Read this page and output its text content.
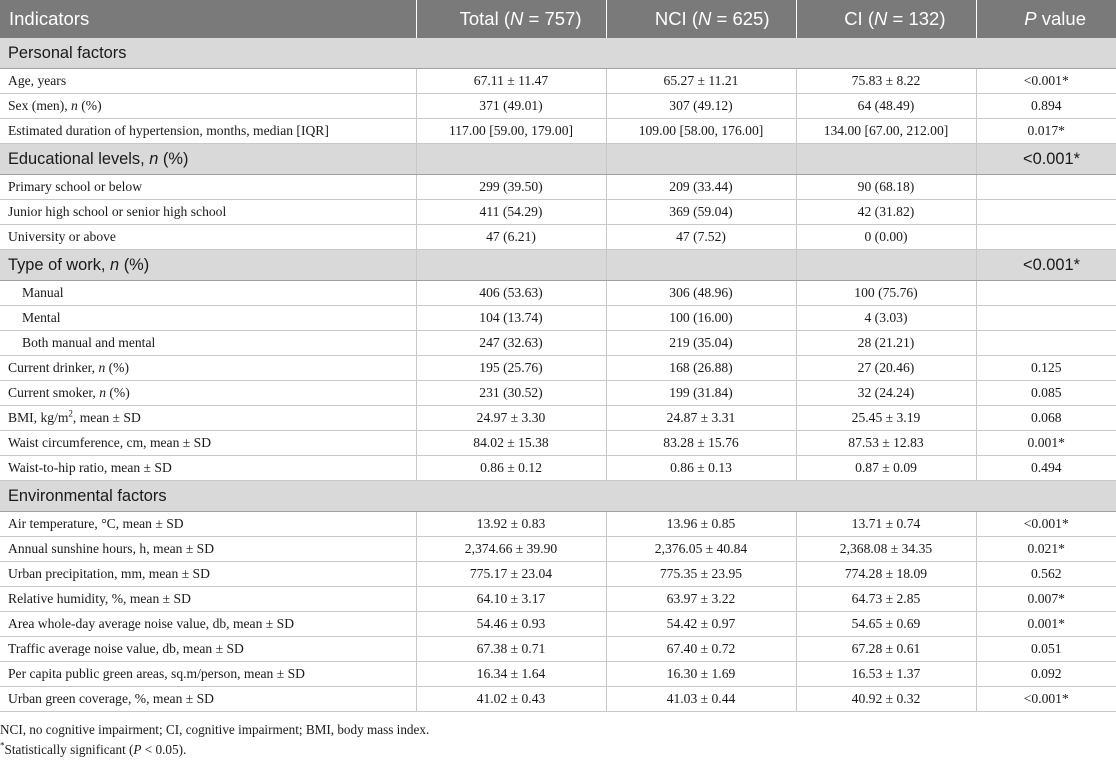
Indicators	Total (N = 757)	NCI (N = 625)	CI (N = 132)	P value
Personal factors				
Age, years	67.11 ± 11.47	65.27 ± 11.21	75.83 ± 8.22	<0.001*
Sex (men), n (%)	371 (49.01)	307 (49.12)	64 (48.49)	0.894
Estimated duration of hypertension, months, median [IQR]	117.00 [59.00, 179.00]	109.00 [58.00, 176.00]	134.00 [67.00, 212.00]	0.017*
Educational levels, n (%)				<0.001*
Primary school or below	299 (39.50)	209 (33.44)	90 (68.18)	
Junior high school or senior high school	411 (54.29)	369 (59.04)	42 (31.82)	
University or above	47 (6.21)	47 (7.52)	0 (0.00)	
Type of work, n (%)				<0.001*
Manual	406 (53.63)	306 (48.96)	100 (75.76)	
Mental	104 (13.74)	100 (16.00)	4 (3.03)	
Both manual and mental	247 (32.63)	219 (35.04)	28 (21.21)	
Current drinker, n (%)	195 (25.76)	168 (26.88)	27 (20.46)	0.125
Current smoker, n (%)	231 (30.52)	199 (31.84)	32 (24.24)	0.085
BMI, $kg/m^2$, mean ± SD	24.97 ± 3.30	24.87 ± 3.31	25.45 ± 3.19	0.068
Waist circumference, cm, mean ± SD	84.02 ± 15.38	83.28 ± 15.76	87.53 ± 12.83	0.001*
Waist-to-hip ratio, mean ± SD	0.86 ± 0.12	0.86 ± 0.13	0.87 ± 0.09	0.494
Environmental factors				
Air temperature, °C, mean ± SD	13.92 ± 0.83	13.96 ± 0.85	13.71 ± 0.74	<0.001*
Annual sunshine hours, h, mean ± SD	2,374.66 ± 39.90	2,376.05 ± 40.84	2,368.08 ± 34.35	0.021*
Urban precipitation, mm, mean ± SD	775.17 ± 23.04	775.35 ± 23.95	774.28 ± 18.09	0.562
Relative humidity, %, mean ± SD	64.10 ± 3.17	63.97 ± 3.22	64.73 ± 2.85	0.007*
Area whole-day average noise value, db, mean ± SD	54.46 ± 0.93	54.42 ± 0.97	54.65 ± 0.69	0.001*
Traffic average noise value, db, mean ± SD	67.38 ± 0.71	67.40 ± 0.72	67.28 ± 0.61	0.051
Per capita public green areas, sq.m/person, mean ± SD	16.34 ± 1.64	16.30 ± 1.69	16.53 ± 1.37	0.092
Urban green coverage, %, mean ± SD	41.02 ± 0.43	41.03 ± 0.44	40.92 ± 0.32	<0.001*
NCI, no cognitive impairment; CI, cognitive impairment; BMI, body mass index.
*Statistically significant (P < 0.05).
